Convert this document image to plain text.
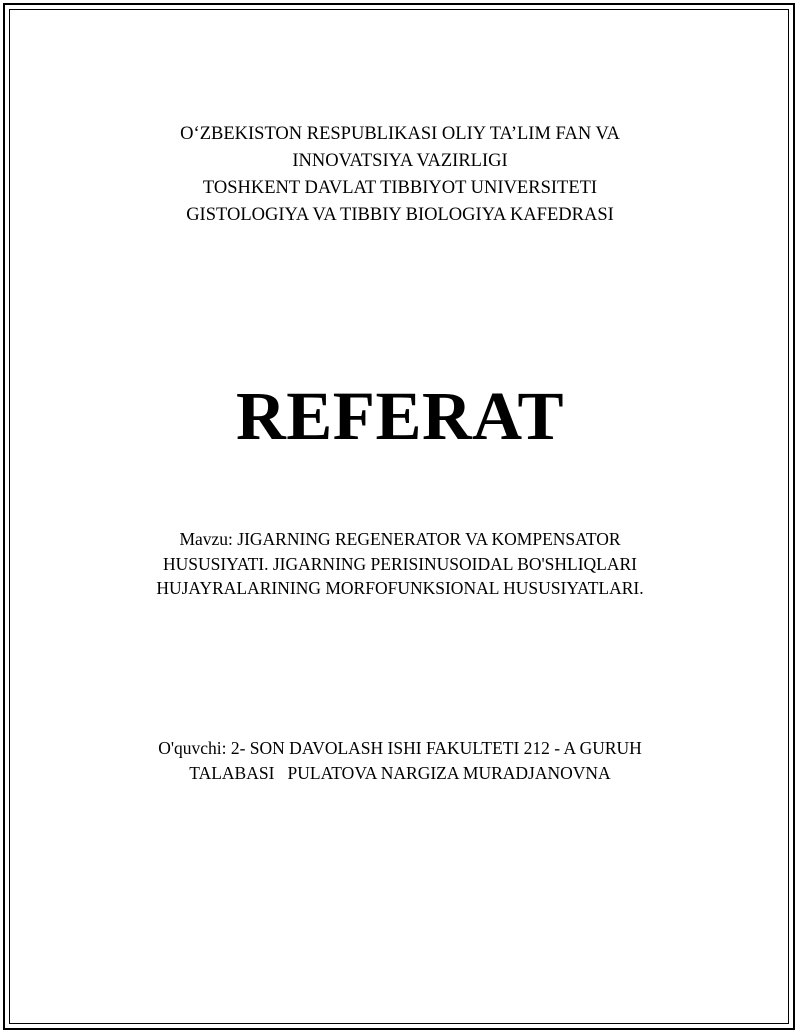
O‘ZBEKISTON RESPUBLIKASI OLIY TA’LIM FAN VA
INNOVATSIYA VAZIRLIGI
TOSHKENT DAVLAT TIBBIYOT UNIVERSITETI
GISTOLOGIYA VA TIBBIY BIOLOGIYA KAFEDRASI
REFERAT
Mavzu: JIGARNING REGENERATOR VA KOMPENSATOR
HUSUSIYATI. JIGARNING PERISINUSOIDAL BO'SHLIQLARI
HUJAYRALARINING MORFOFUNKSIONAL HUSUSIYATLARI.
O'quvchi: 2- SON DAVOLASH ISHI FAKULTETI 212 - A GURUH
TALABASI   PULATOVA NARGIZA MURADJANOVNA
